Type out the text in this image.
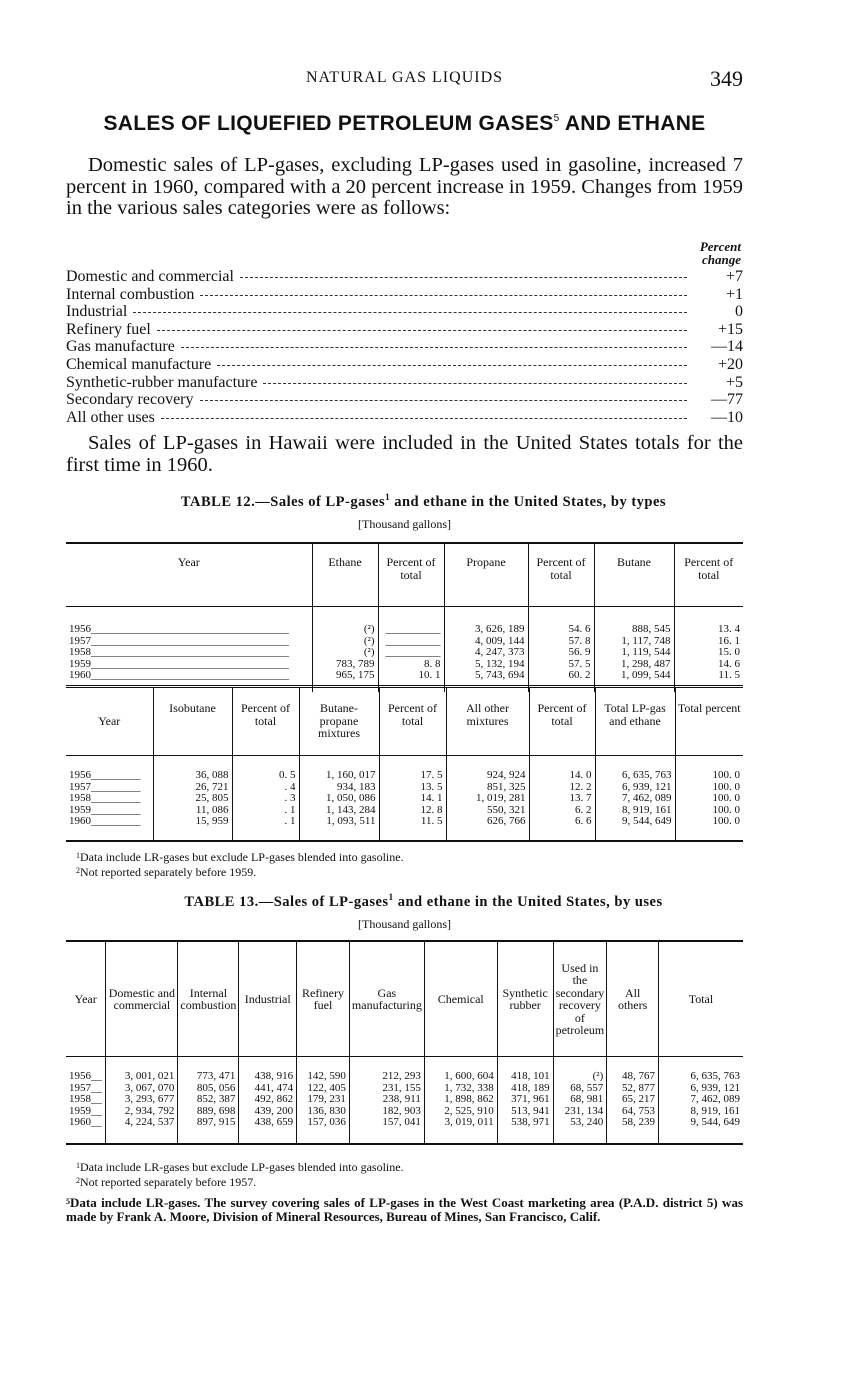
NATURAL GAS LIQUIDS	349
SALES OF LIQUEFIED PETROLEUM GASES$^5$ AND ETHANE

Domestic sales of LP-gases, excluding LP-gases used in gasoline, increased 7 percent in 1960, compared with a 20 percent increase in 1959. Changes from 1959 in the various sales categories were as follows:

Percent
change
Domestic and commercial	+7
Internal combustion	+1
Industrial	0
Refinery fuel	+15
Gas manufacture	—14
Chemical manufacture	+20
Synthetic-rubber manufacture	+5
Secondary recovery	—77
All other uses	—10

Sales of LP-gases in Hawaii were included in the United States totals for the first time in 1960.

TABLE 12.—Sales of LP-gases$^1$ and ethane in the United States, by types
[Thousand gallons]
Year	Ethane	Percent of total	Propane	Percent of total	Butane	Percent of total
1956____________________________________	(²)	__________	3, 626, 189	54. 6	888, 545	13. 4
1957____________________________________	(²)	__________	4, 009, 144	57. 8	1, 117, 748	16. 1
1958____________________________________	(²)	__________	4, 247, 373	56. 9	1, 119, 544	15. 0
1959____________________________________	783, 789	8. 8	5, 132, 194	57. 5	1, 298, 487	14. 6
1960____________________________________	965, 175	10. 1	5, 743, 694	60. 2	1, 099, 544	11. 5
Year	Isobutane	Percent of total	Butane-propane mixtures	Percent of total	All other mixtures	Percent of total	Total LP-gas and ethane	Total percent
1956_________	36, 088	0. 5	1, 160, 017	17. 5	924, 924	14. 0	6, 635, 763	100. 0
1957_________	26, 721	. 4	934, 183	13. 5	851, 325	12. 2	6, 939, 121	100. 0
1958_________	25, 805	. 3	1, 050, 086	14. 1	1, 019, 281	13. 7	7, 462, 089	100. 0
1959_________	11, 086	. 1	1, 143, 284	12. 8	550, 321	6. 2	8, 919, 161	100. 0
1960_________	15, 959	. 1	1, 093, 511	11. 5	626, 766	6. 6	9, 544, 649	100. 0
$^1$Data include LR-gases but exclude LP-gases blended into gasoline.
$^2$Not reported separately before 1959.
TABLE 13.—Sales of LP-gases$^1$ and ethane in the United States, by uses
[Thousand gallons]
Year	Domestic and commercial	Internal combustion	Industrial	Refinery fuel	Gas manufacturing	Chemical	Synthetic rubber	Used in the secondary recovery of petroleum	All others	Total
1956__	3, 001, 021	773, 471	438, 916	142, 590	212, 293	1, 600, 604	418, 101	(²)	48, 767	6, 635, 763
1957__	3, 067, 070	805, 056	441, 474	122, 405	231, 155	1, 732, 338	418, 189	68, 557	52, 877	6, 939, 121
1958__	3, 293, 677	852, 387	492, 862	179, 231	238, 911	1, 898, 862	371, 961	68, 981	65, 217	7, 462, 089
1959__	2, 934, 792	889, 698	439, 200	136, 830	182, 903	2, 525, 910	513, 941	231, 134	64, 753	8, 919, 161
1960__	4, 224, 537	897, 915	438, 659	157, 036	157, 041	3, 019, 011	538, 971	53, 240	58, 239	9, 544, 649
$^1$Data include LR-gases but exclude LP-gases blended into gasoline.
$^2$Not reported separately before 1957.
$^5$Data include LR-gases. The survey covering sales of LP-gases in the West Coast marketing area (P.A.D. district 5) was made by Frank A. Moore, Division of Mineral Resources, Bureau of Mines, San Francisco, Calif.
